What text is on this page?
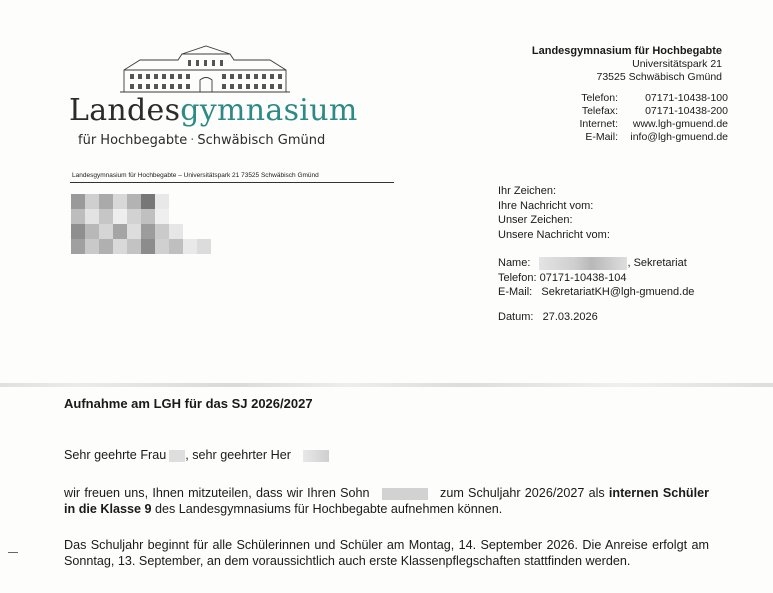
Landesgymnasium
für Hochbegabte · Schwäbisch Gmünd
Landesgymnasium für Hochbegabte
Universitätspark 21
73525 Schwäbisch Gmünd
Telefon:	07171-10438-100
Telefax:	07171-10438-200
Internet:	www.lgh-gmuend.de
E-Mail:	info@lgh-gmuend.de
Landesgymnasium für Hochbegabte – Universitätspark 21 73525 Schwäbisch Gmünd
Ihr Zeichen:
Ihre Nachricht vom:
Unser Zeichen:
Unsere Nachricht vom:
Name:	, Sekretariat
Telefon: 07171-10438-104
E-Mail: SekretariatKH@lgh-gmuend.de
Datum: 27.03.2026
Aufnahme am LGH für das SJ 2026/2027
Sehr geehrte Frau , sehr geehrter Her
wir freuen uns, Ihnen mitzuteilen, dass wir Ihren Sohn	zum Schuljahr 2026/2027 als internen Schüler in die Klasse 9 des Landesgymnasiums für Hochbegabte aufnehmen können.
Das Schuljahr beginnt für alle Schülerinnen und Schüler am Montag, 14. September 2026. Die Anreise erfolgt am Sonntag, 13. September, an dem voraussichtlich auch erste Klassenpflegschaften stattfinden werden.
